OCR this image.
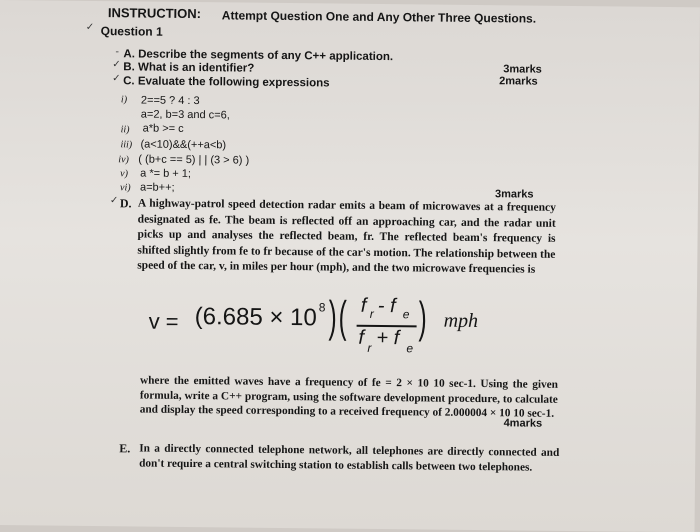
INSTRUCTION: Attempt Question One and Any Other Three Questions.
✓ Question 1
- A. Describe the segments of any C++ application.
3marks
✓ B. What is an identifier?
2marks
✓ C. Evaluate the following expressions
i) 2==5 ? 4 : 3
a=2, b=3 and c=6,
ii) a*b >= c
iii) (a<10)&&(++a<b)
iv) ( (b+c == 5) | | (3 > 6) )
v) a *= b + 1;
vi) a=b++;
3marks
✓ D. A highway-patrol speed detection radar emits a beam of microwaves at a frequency designated as fe. The beam is reflected off an approaching car, and the radar unit picks up and analyses the reflected beam, fr. The reflected beam's frequency is shifted slightly from fe to fr because of the car's motion. The relationship between the speed of the car, v, in miles per hour (mph), and the two microwave frequencies is
v = (6.685 × 10 8 ) ( f r - f e
f r + f e
) mph
where the emitted waves have a frequency of fe = 2 × 10 10 sec-1. Using the given formula, write a C++ program, using the software development procedure, to calculate and display the speed corresponding to a received frequency of 2.000004 × 10 10 sec-1.
4marks
E. In a directly connected telephone network, all telephones are directly connected and don't require a central switching station to establish calls between two telephones.
